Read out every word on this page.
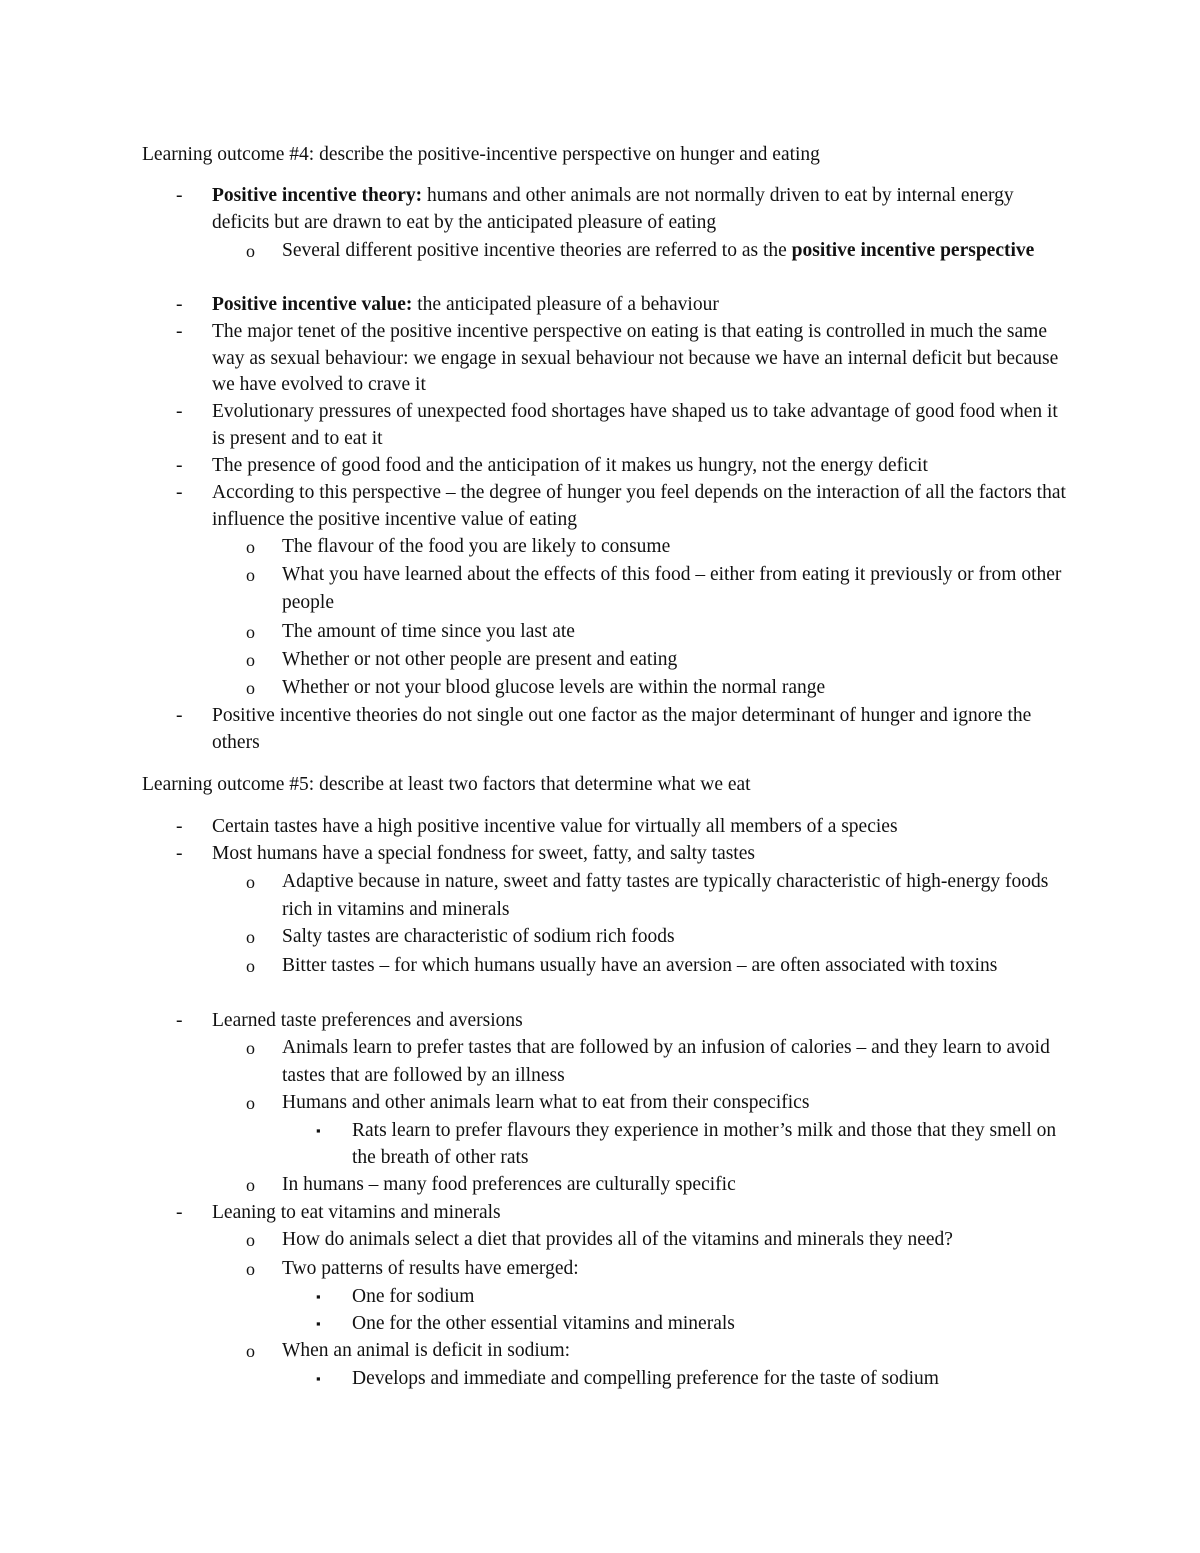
Learning outcome #4: describe the positive-incentive perspective on hunger and eating
- Positive incentive theory: humans and other animals are not normally driven to eat by internal energy deficits but are drawn to eat by the anticipated pleasure of eating
o Several different positive incentive theories are referred to as the positive incentive perspective
- Positive incentive value: the anticipated pleasure of a behaviour
- The major tenet of the positive incentive perspective on eating is that eating is controlled in much the same way as sexual behaviour: we engage in sexual behaviour not because we have an internal deficit but because we have evolved to crave it
- Evolutionary pressures of unexpected food shortages have shaped us to take advantage of good food when it is present and to eat it
- The presence of good food and the anticipation of it makes us hungry, not the energy deficit
- According to this perspective – the degree of hunger you feel depends on the interaction of all the factors that influence the positive incentive value of eating
o The flavour of the food you are likely to consume
o What you have learned about the effects of this food – either from eating it previously or from other people
o The amount of time since you last ate
o Whether or not other people are present and eating
o Whether or not your blood glucose levels are within the normal range
- Positive incentive theories do not single out one factor as the major determinant of hunger and ignore the others
Learning outcome #5: describe at least two factors that determine what we eat
- Certain tastes have a high positive incentive value for virtually all members of a species
- Most humans have a special fondness for sweet, fatty, and salty tastes
o Adaptive because in nature, sweet and fatty tastes are typically characteristic of high-energy foods rich in vitamins and minerals
o Salty tastes are characteristic of sodium rich foods
o Bitter tastes – for which humans usually have an aversion – are often associated with toxins
- Learned taste preferences and aversions
o Animals learn to prefer tastes that are followed by an infusion of calories – and they learn to avoid tastes that are followed by an illness
o Humans and other animals learn what to eat from their conspecifics
▪ Rats learn to prefer flavours they experience in mother’s milk and those that they smell on the breath of other rats
o In humans – many food preferences are culturally specific
- Leaning to eat vitamins and minerals
o How do animals select a diet that provides all of the vitamins and minerals they need?
o Two patterns of results have emerged:
▪ One for sodium
▪ One for the other essential vitamins and minerals
o When an animal is deficit in sodium:
▪ Develops and immediate and compelling preference for the taste of sodium
